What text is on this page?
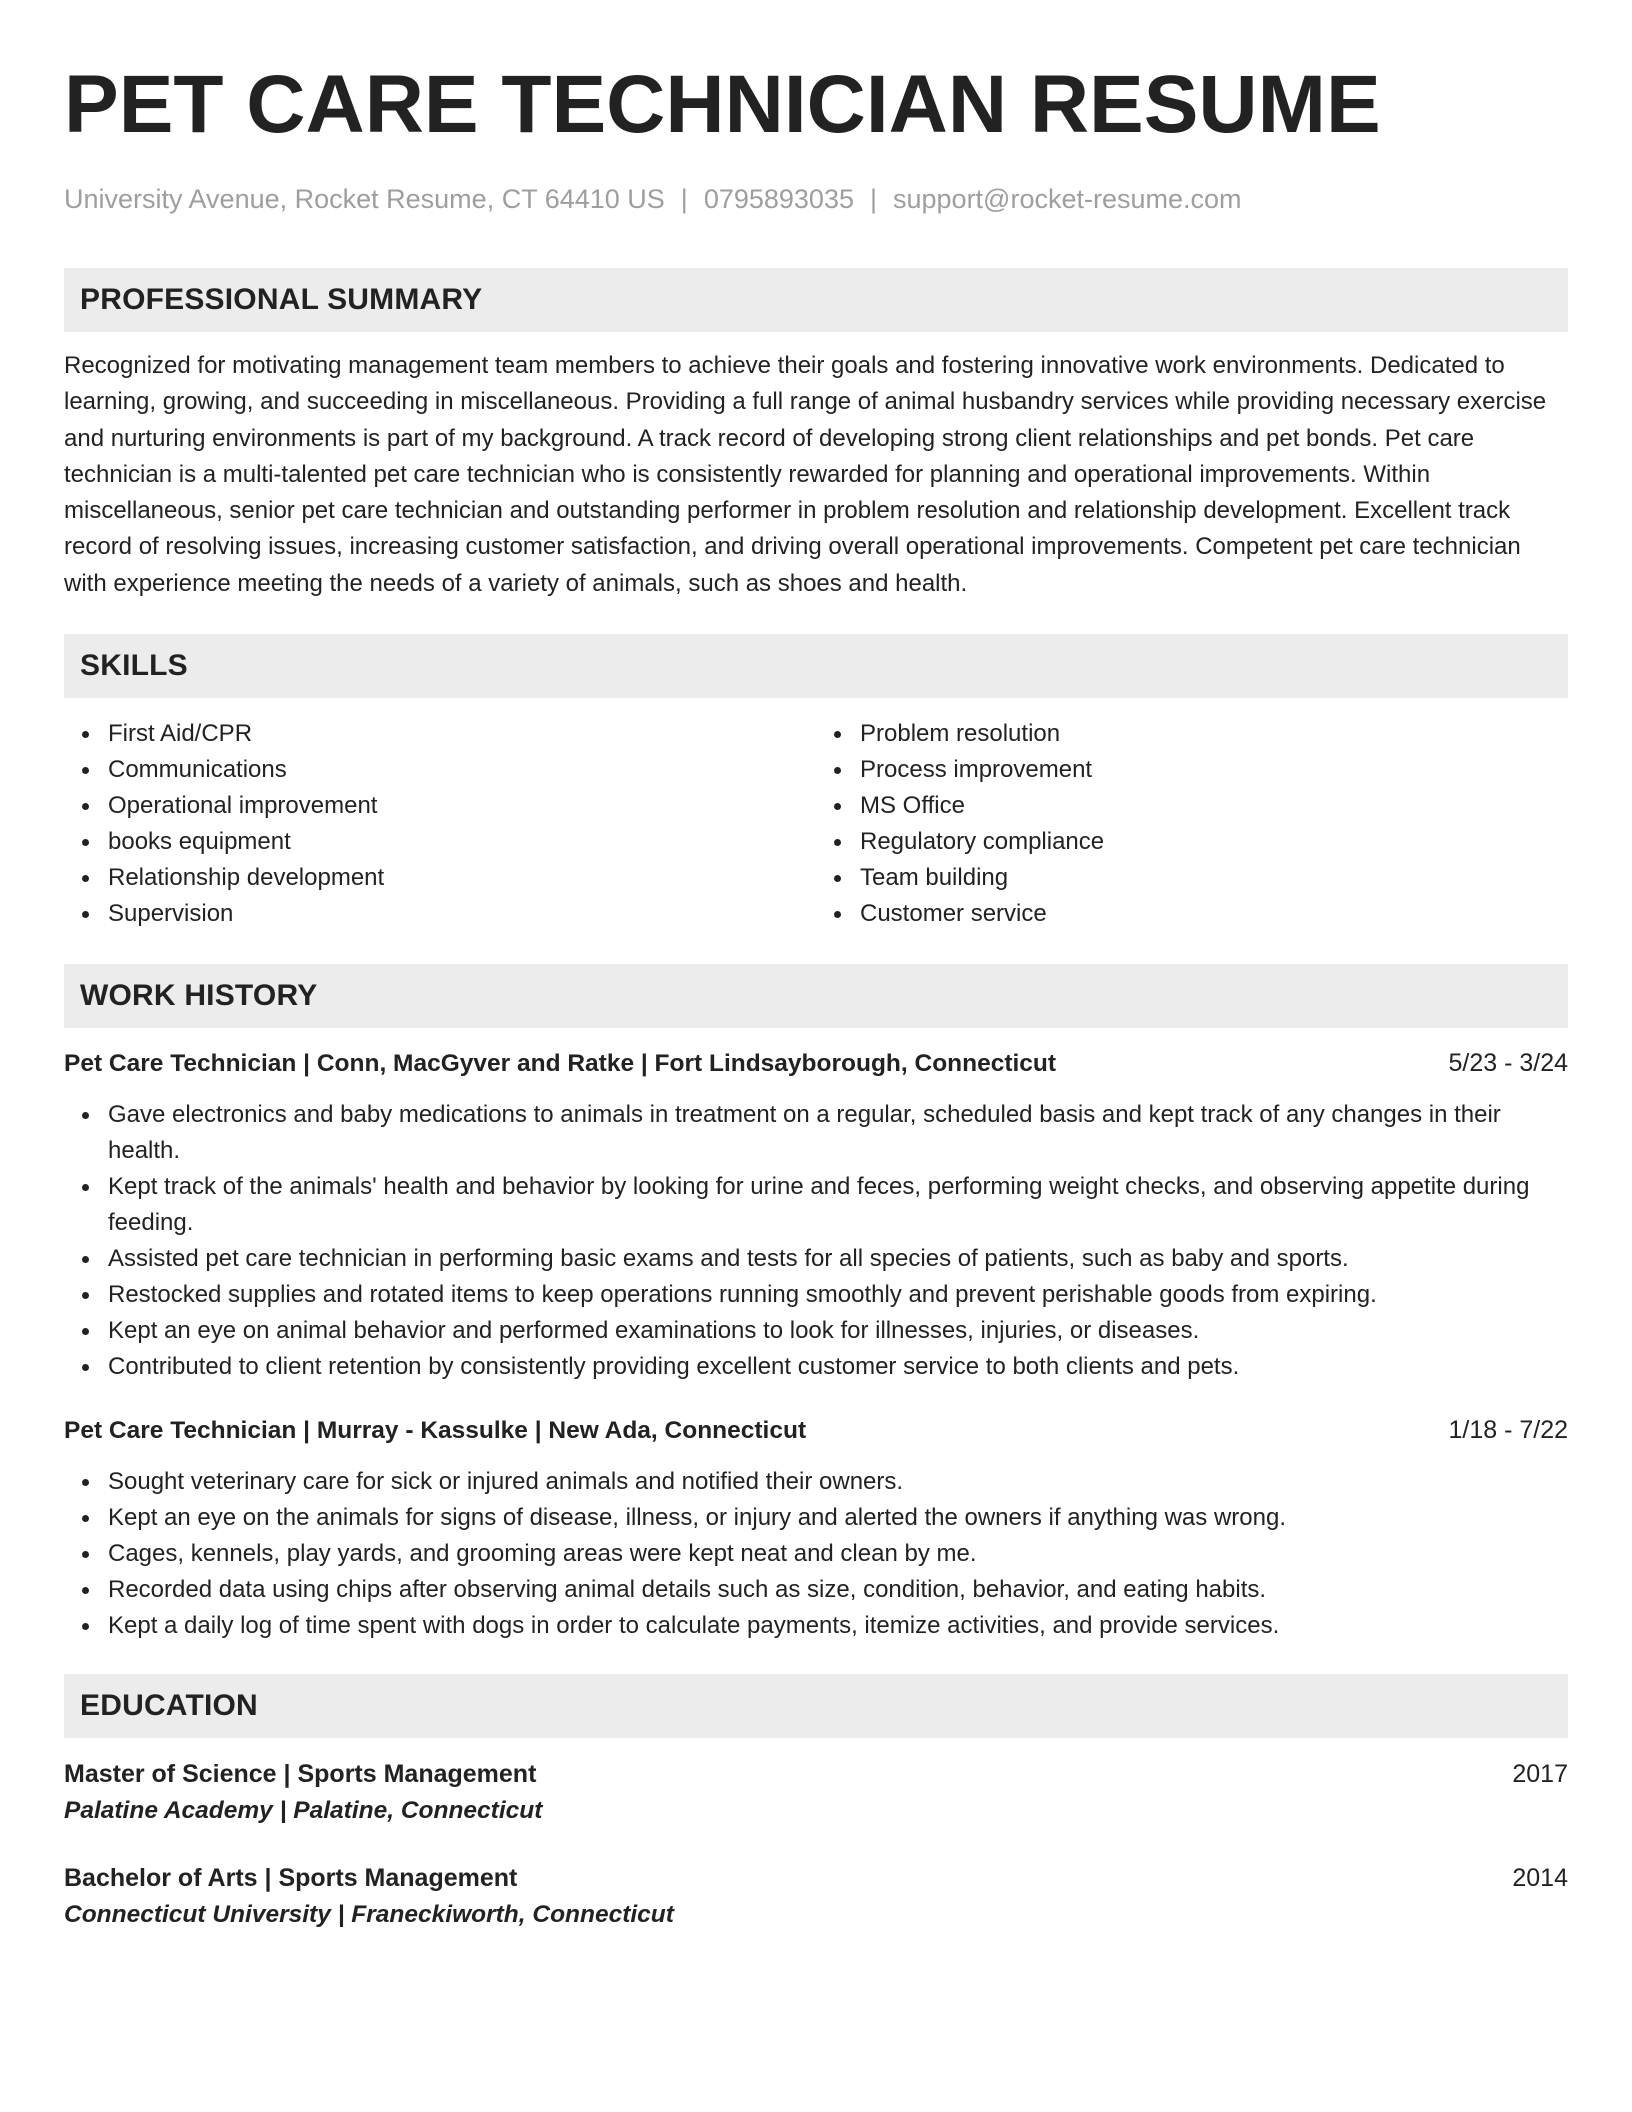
PET CARE TECHNICIAN RESUME
University Avenue, Rocket Resume, CT 64410 US | 0795893035 | support@rocket-resume.com
PROFESSIONAL SUMMARY

Recognized for motivating management team members to achieve their goals and fostering innovative work environments. Dedicated to learning, growing, and succeeding in miscellaneous. Providing a full range of animal husbandry services while providing necessary exercise and nurturing environments is part of my background. A track record of developing strong client relationships and pet bonds. Pet care technician is a multi-talented pet care technician who is consistently rewarded for planning and operational improvements. Within miscellaneous, senior pet care technician and outstanding performer in problem resolution and relationship development. Excellent track record of resolving issues, increasing customer satisfaction, and driving overall operational improvements. Competent pet care technician with experience meeting the needs of a variety of animals, such as shoes and health.

SKILLS
First Aid/CPR
Communications
Operational improvement
books equipment
Relationship development
Supervision
Problem resolution
Process improvement
MS Office
Regulatory compliance
Team building
Customer service
WORK HISTORY
Pet Care Technician | Conn, MacGyver and Ratke | Fort Lindsayborough, Connecticut	5/23 - 3/24
Gave electronics and baby medications to animals in treatment on a regular, scheduled basis and kept track of any changes in their health.
Kept track of the animals' health and behavior by looking for urine and feces, performing weight checks, and observing appetite during feeding.
Assisted pet care technician in performing basic exams and tests for all species of patients, such as baby and sports.
Restocked supplies and rotated items to keep operations running smoothly and prevent perishable goods from expiring.
Kept an eye on animal behavior and performed examinations to look for illnesses, injuries, or diseases.
Contributed to client retention by consistently providing excellent customer service to both clients and pets.
Pet Care Technician | Murray - Kassulke | New Ada, Connecticut	1/18 - 7/22
Sought veterinary care for sick or injured animals and notified their owners.
Kept an eye on the animals for signs of disease, illness, or injury and alerted the owners if anything was wrong.
Cages, kennels, play yards, and grooming areas were kept neat and clean by me.
Recorded data using chips after observing animal details such as size, condition, behavior, and eating habits.
Kept a daily log of time spent with dogs in order to calculate payments, itemize activities, and provide services.
EDUCATION
Master of Science | Sports Management	2017
Palatine Academy | Palatine, Connecticut
Bachelor of Arts | Sports Management	2014
Connecticut University | Franeckiworth, Connecticut
